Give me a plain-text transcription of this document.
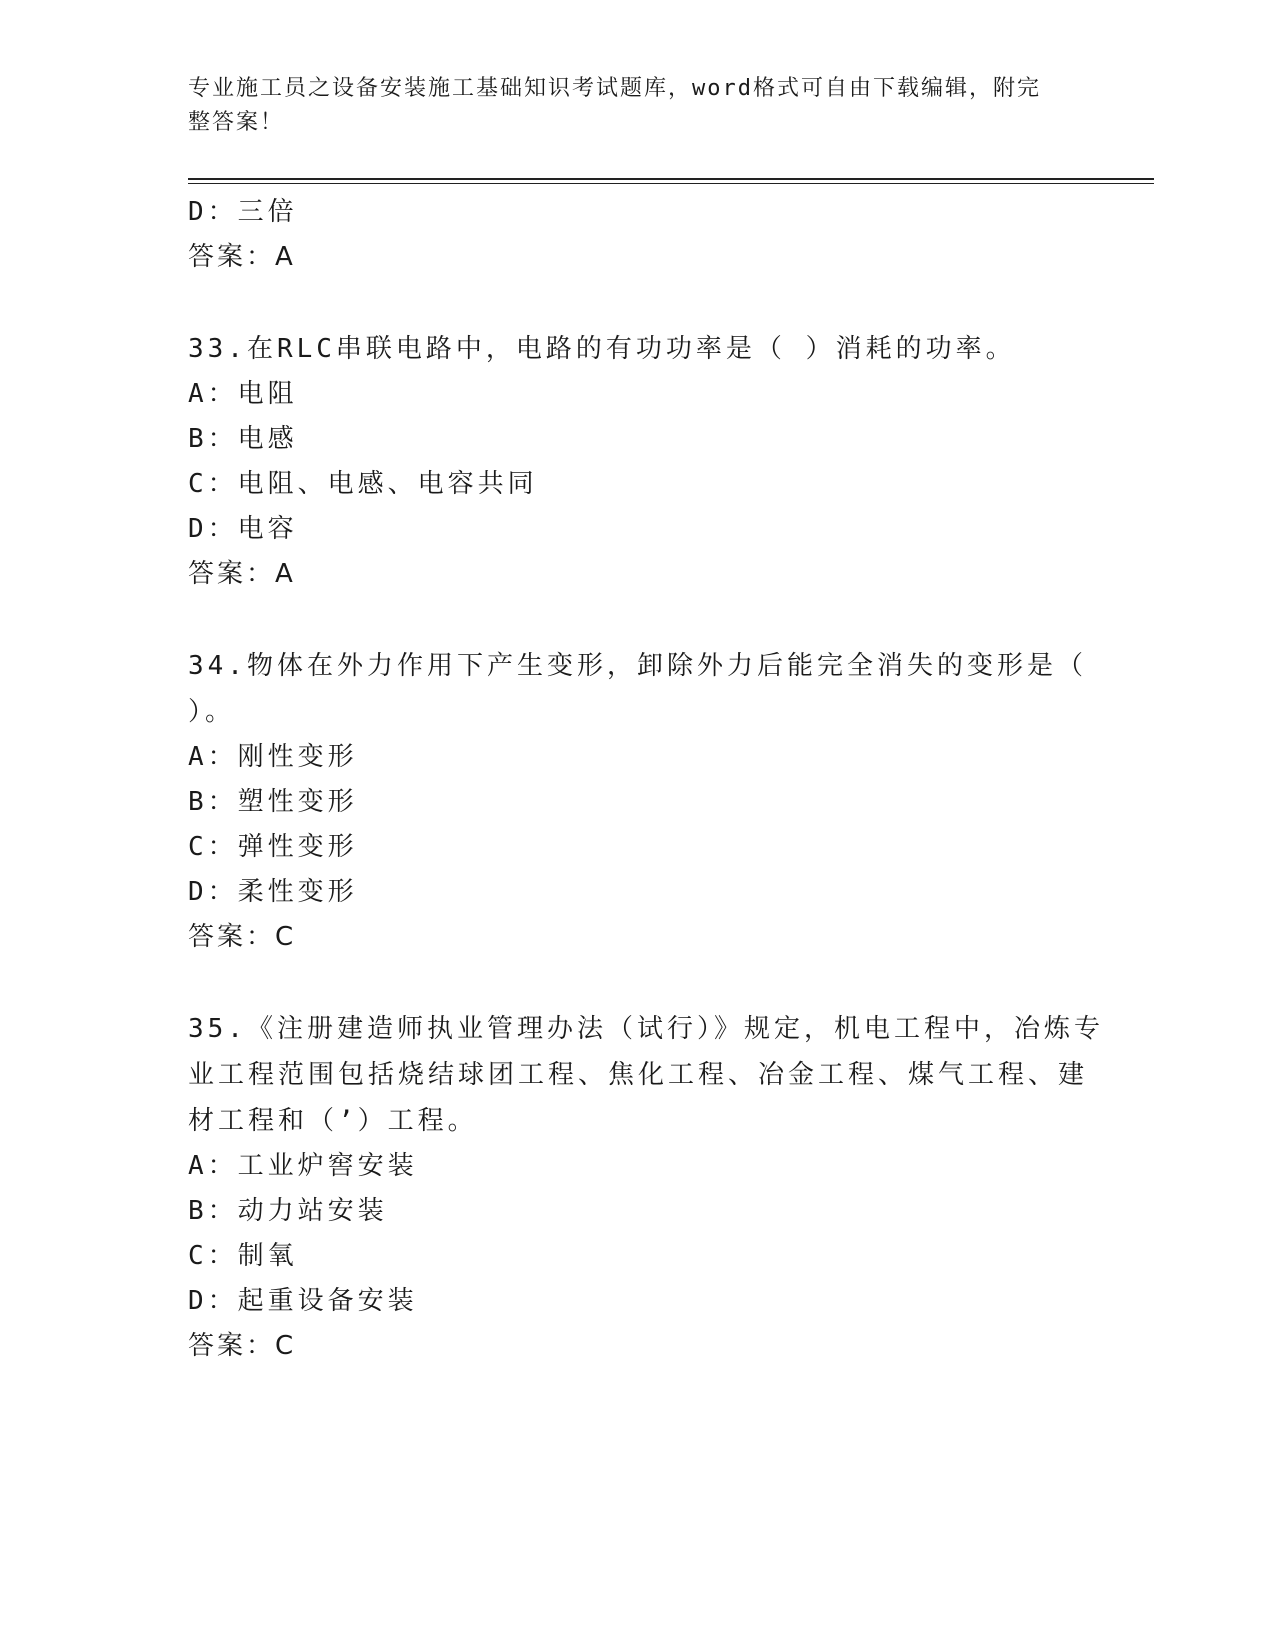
专业施工员之设备安装施工基础知识考试题库，word格式可自由下载编辑，附完
整答案！
D：三倍
答案：A
33.在RLC串联电路中，电路的有功功率是（ ）消耗的功率。
A：电阻
B：电感
C：电阻、电感、电容共同
D：电容
答案：A
34.物体在外力作用下产生变形，卸除外力后能完全消失的变形是（
）。
A：刚性变形
B：塑性变形
C：弹性变形
D：柔性变形
答案：C
35.《注册建造师执业管理办法（试行）》规定，机电工程中，冶炼专
业工程范围包括烧结球团工程、焦化工程、冶金工程、煤气工程、建
材工程和（’）工程。
A：工业炉窖安装
B：动力站安装
C：制氧
D：起重设备安装
答案：C
